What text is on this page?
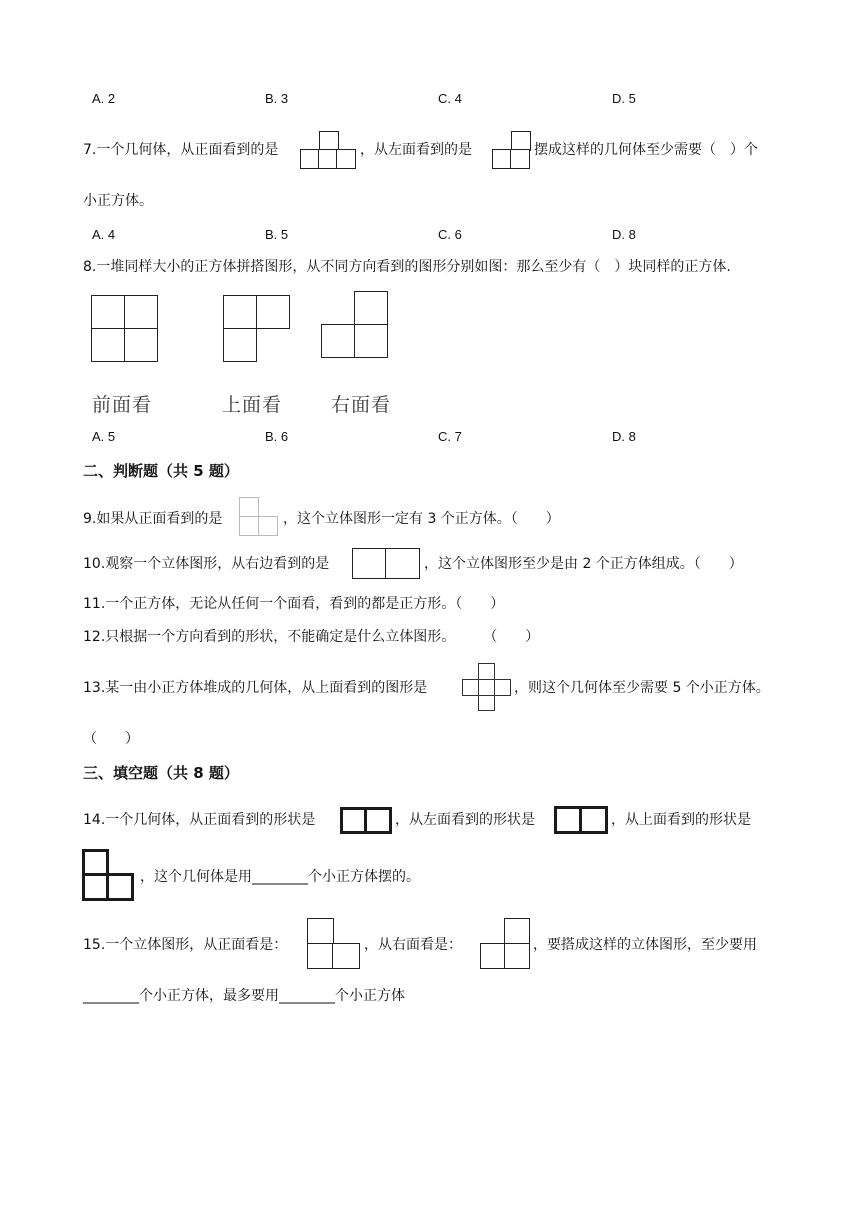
A. 2	B. 3	C. 4	D. 5
7.一个几何体，从正面看到的是	，从左面看到的是	摆成这样的几何体至少需要（　）个
小正方体。
A. 4	B. 5	C. 6	D. 8
8.一堆同样大小的正方体拼搭图形，从不同方向看到的图形分别如图：那么至少有（　）块同样的正方体.
前面看	上面看	右面看
A. 5	B. 6	C. 7	D. 8
二、判断题（共 5 题）
9.如果从正面看到的是	，这个立体图形一定有 3 个正方体。（　　）
10.观察一个立体图形，从右边看到的是	，这个立体图形至少是由 2 个正方体组成。（　　）
11.一个正方体，无论从任何一个面看，看到的都是正方形。（　　）
12.只根据一个方向看到的形状，不能确定是什么立体图形。　　　（　　）
13.某一由小正方体堆成的几何体，从上面看到的图形是	，则这个几何体至少需要 5 个小正方体。
（　　）
三、填空题（共 8 题）
14.一个几何体，从正面看到的形状是	，从左面看到的形状是	，从上面看到的形状是
，这个几何体是用________个小正方体摆的。
15.一个立体图形，从正面看是：	，从右面看是：	，要搭成这样的立体图形，至少要用
________个小正方体，最多要用________个小正方体
